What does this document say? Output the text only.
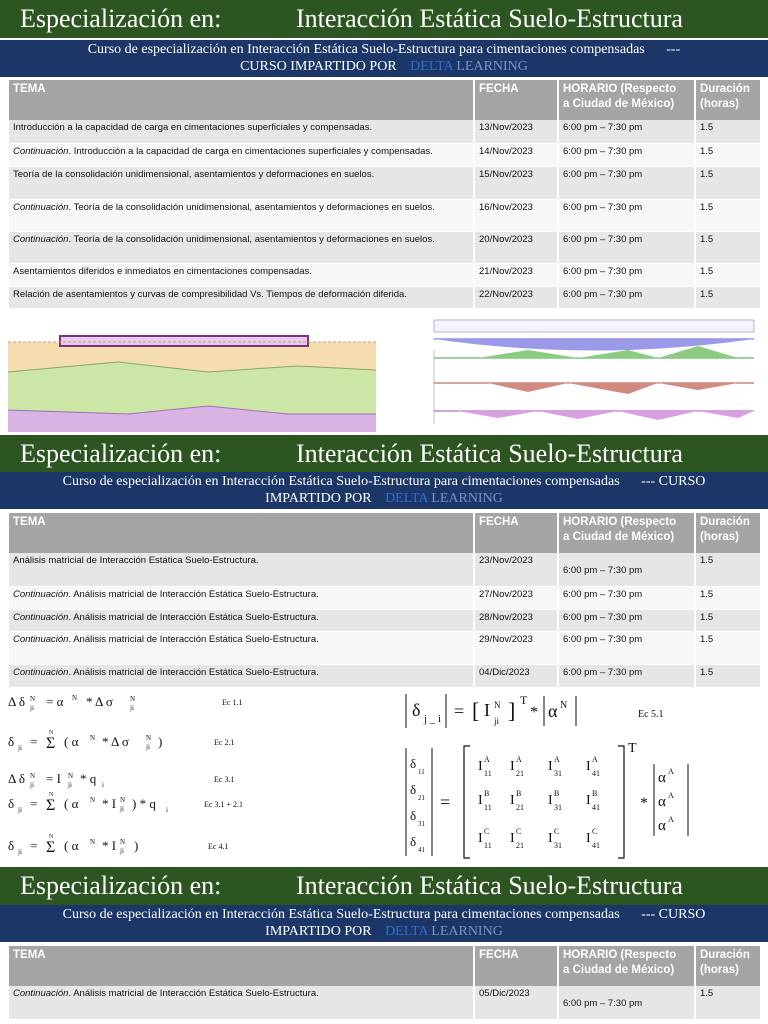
Especialización en:	Interacción Estática Suelo-Estructura
Curso de especialización en Interacción Estática Suelo-Estructura para cimentaciones compensadas ---
CURSO IMPARTIDO POR DELTA LEARNING
TEMA	FECHA	HORARIO (Respecto
a Ciudad de México)	Duración
(horas)
Introducción a la capacidad de carga en cimentaciones superficiales y compensadas.	13/Nov/2023	6:00 pm – 7:30 pm	1.5
Continuación. Introducción a la capacidad de carga en cimentaciones superficiales y compensadas.	14/Nov/2023	6:00 pm – 7:30 pm	1.5
Teoría de la consolidación unidimensional, asentamientos y deformaciones en suelos.	15/Nov/2023	6:00 pm – 7:30 pm	1.5
Continuación. Teoría de la consolidación unidimensional, asentamientos y deformaciones en suelos.	16/Nov/2023	6:00 pm – 7:30 pm	1.5
Continuación. Teoría de la consolidación unidimensional, asentamientos y deformaciones en suelos.	20/Nov/2023	6:00 pm – 7:30 pm	1.5
Asentamientos diferidos e inmediatos en cimentaciones compensadas.	21/Nov/2023	6:00 pm – 7:30 pm	1.5
Relación de asentamientos y curvas de compresibilidad Vs. Tiempos de deformación diferida.	22/Nov/2023	6:00 pm – 7:30 pm	1.5
Especialización en:	Interacción Estática Suelo-Estructura
Curso de especialización en Interacción Estática Suelo-Estructura para cimentaciones compensadas --- CURSO
IMPARTIDO POR DELTA LEARNING
TEMA	FECHA	HORARIO (Respecto
a Ciudad de México)	Duración
(horas)
Análisis matricial de Interacción Estática Suelo-Estructura.	23/Nov/2023	6:00 pm – 7:30 pm	1.5
Continuación. Análisis matricial de Interacción Estática Suelo-Estructura.	27/Nov/2023	6:00 pm – 7:30 pm	1.5
Continuación. Análisis matricial de Interacción Estática Suelo-Estructura.	28/Nov/2023	6:00 pm – 7:30 pm	1.5
Continuación. Análisis matricial de Interacción Estática Suelo-Estructura.	29/Nov/2023	6:00 pm – 7:30 pm	1.5
Continuación. Análisis matricial de Interacción Estática Suelo-Estructura.	04/Dic/2023	6:00 pm – 7:30 pm	1.5
Δ δ N
ji = α N * Δ σ N
ji
Ec 1.1
δ ji = Σ
N
( α N * Δ σ N
ji )	Ec 2.1
Δ δ N
ji = I N
ji * q i
Ec 3.1
δ ji = Σ
N
( α N * I N
ji ) * q i
Ec 3.1 + 2.1
δ ji = Σ
N
( α N * I N
ji )	Ec 4.1
δ j _ i = [ I N
ji ] T
* α N
Ec 5.1
δ
11
δ
21
δ
31
δ
41
=
T
I A
11 I A
21 I A
31 I A
41
I B
11 I B
21 I B
31 I B
41
I C
11 I C
21 I C
31 I C
41
*
α A
α A
α A
Especialización en:	Interacción Estática Suelo-Estructura
Curso de especialización en Interacción Estática Suelo-Estructura para cimentaciones compensadas --- CURSO
IMPARTIDO POR DELTA LEARNING
TEMA	FECHA	HORARIO (Respecto
a Ciudad de México)	Duración
(horas)
Continuación. Análisis matricial de Interacción Estática Suelo-Estructura.	05/Dic/2023	6:00 pm – 7:30 pm	1.5
